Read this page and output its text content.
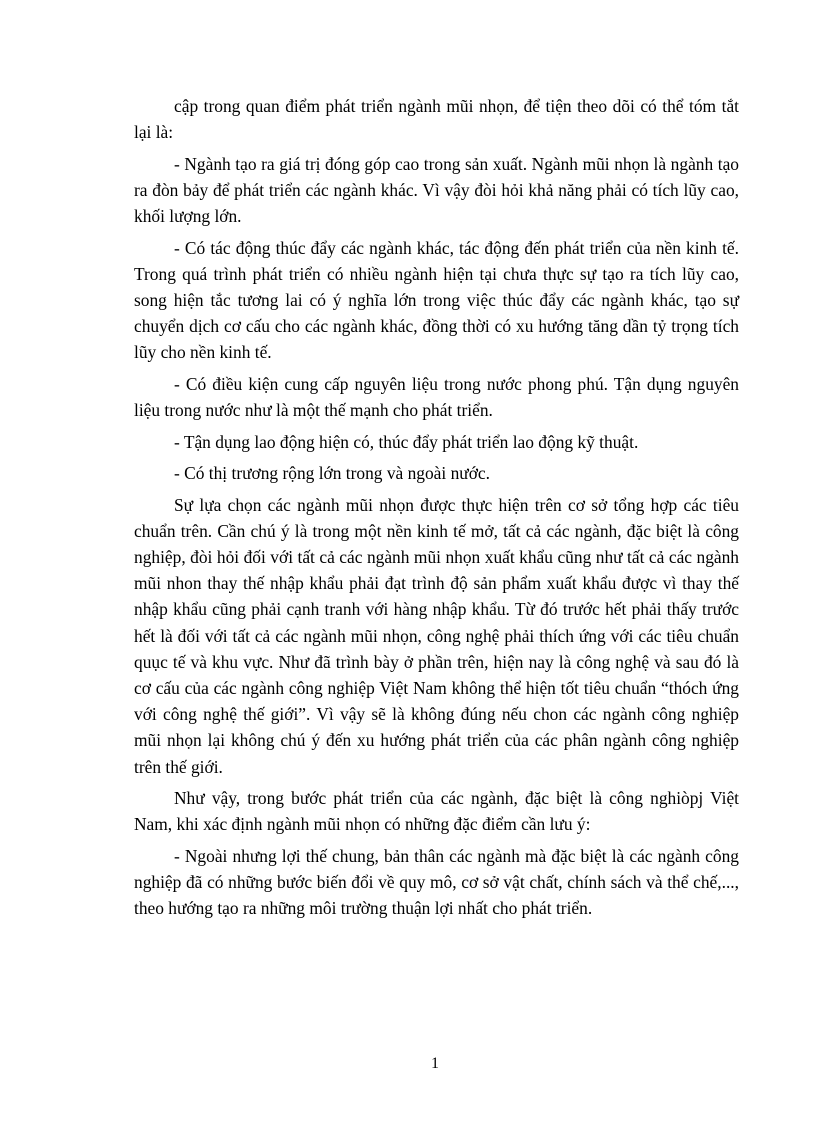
cập trong quan điểm phát triển ngành mũi nhọn, để tiện theo dõi có thể tóm tắt lại là:

- Ngành tạo ra giá trị đóng góp cao trong sản xuất. Ngành mũi nhọn là ngành tạo ra đòn bảy để phát triển các ngành khác. Vì vậy đòi hỏi khả năng phải có tích lũy cao, khối lượng lớn.

- Có tác động thúc đẩy các ngành khác, tác động đến phát triển của nền kinh tế. Trong quá trình phát triển có nhiều ngành hiện tại chưa thực sự tạo ra tích lũy cao, song hiện tắc tương lai có ý nghĩa lớn trong việc thúc đẩy các ngành khác, tạo sự chuyển dịch cơ cấu cho các ngành khác, đồng thời có xu hướng tăng dần tỷ trọng tích lũy cho nền kinh tế.

- Có điều kiện cung cấp nguyên liệu trong nước phong phú. Tận dụng nguyên liệu trong nước như là một thế mạnh cho phát triển.

- Tận dụng lao động hiện có, thúc đẩy phát triển lao động kỹ thuật.

- Có thị trương rộng lớn trong và ngoài nước.

Sự lựa chọn các ngành mũi nhọn được thực hiện trên cơ sở tổng hợp các tiêu chuẩn trên. Cần chú ý là trong một nền kinh tế mở, tất cả các ngành, đặc biệt là công nghiệp, đòi hỏi đối với tất cả các ngành mũi nhọn xuất khẩu cũng như tất cả các ngành mũi nhon thay thế nhập khẩu phải đạt trình độ sản phẩm xuất khẩu được vì thay thế nhập khẩu cũng phải cạnh tranh với hàng nhập khẩu. Từ đó trước hết phải thấy trước hết là đối với tất cả các ngành mũi nhọn, công nghệ phải thích ứng với các tiêu chuẩn quục tế và khu vực. Như đã trình bày ở phần trên, hiện nay là công nghệ và sau đó là cơ cấu của các ngành công nghiệp Việt Nam không thể hiện tốt tiêu chuẩn “thóch ứng với công nghệ thế giới”. Vì vậy sẽ là không đúng nếu chon các ngành công nghiệp mũi nhọn lại không chú ý đến xu hướng phát triển của các phân ngành công nghiệp trên thế giới.

Như vậy, trong bước phát triển của các ngành, đặc biệt là công nghiòpj Việt Nam, khi xác định ngành mũi nhọn có những đặc điểm cần lưu ý:

- Ngoài nhưng lợi thế chung, bản thân các ngành mà đặc biệt là các ngành công nghiệp đã có những bước biến đổi về quy mô, cơ sở vật chất, chính sách và thể chế,..., theo hướng tạo ra những môi trường thuận lợi nhất cho phát triển.

1
